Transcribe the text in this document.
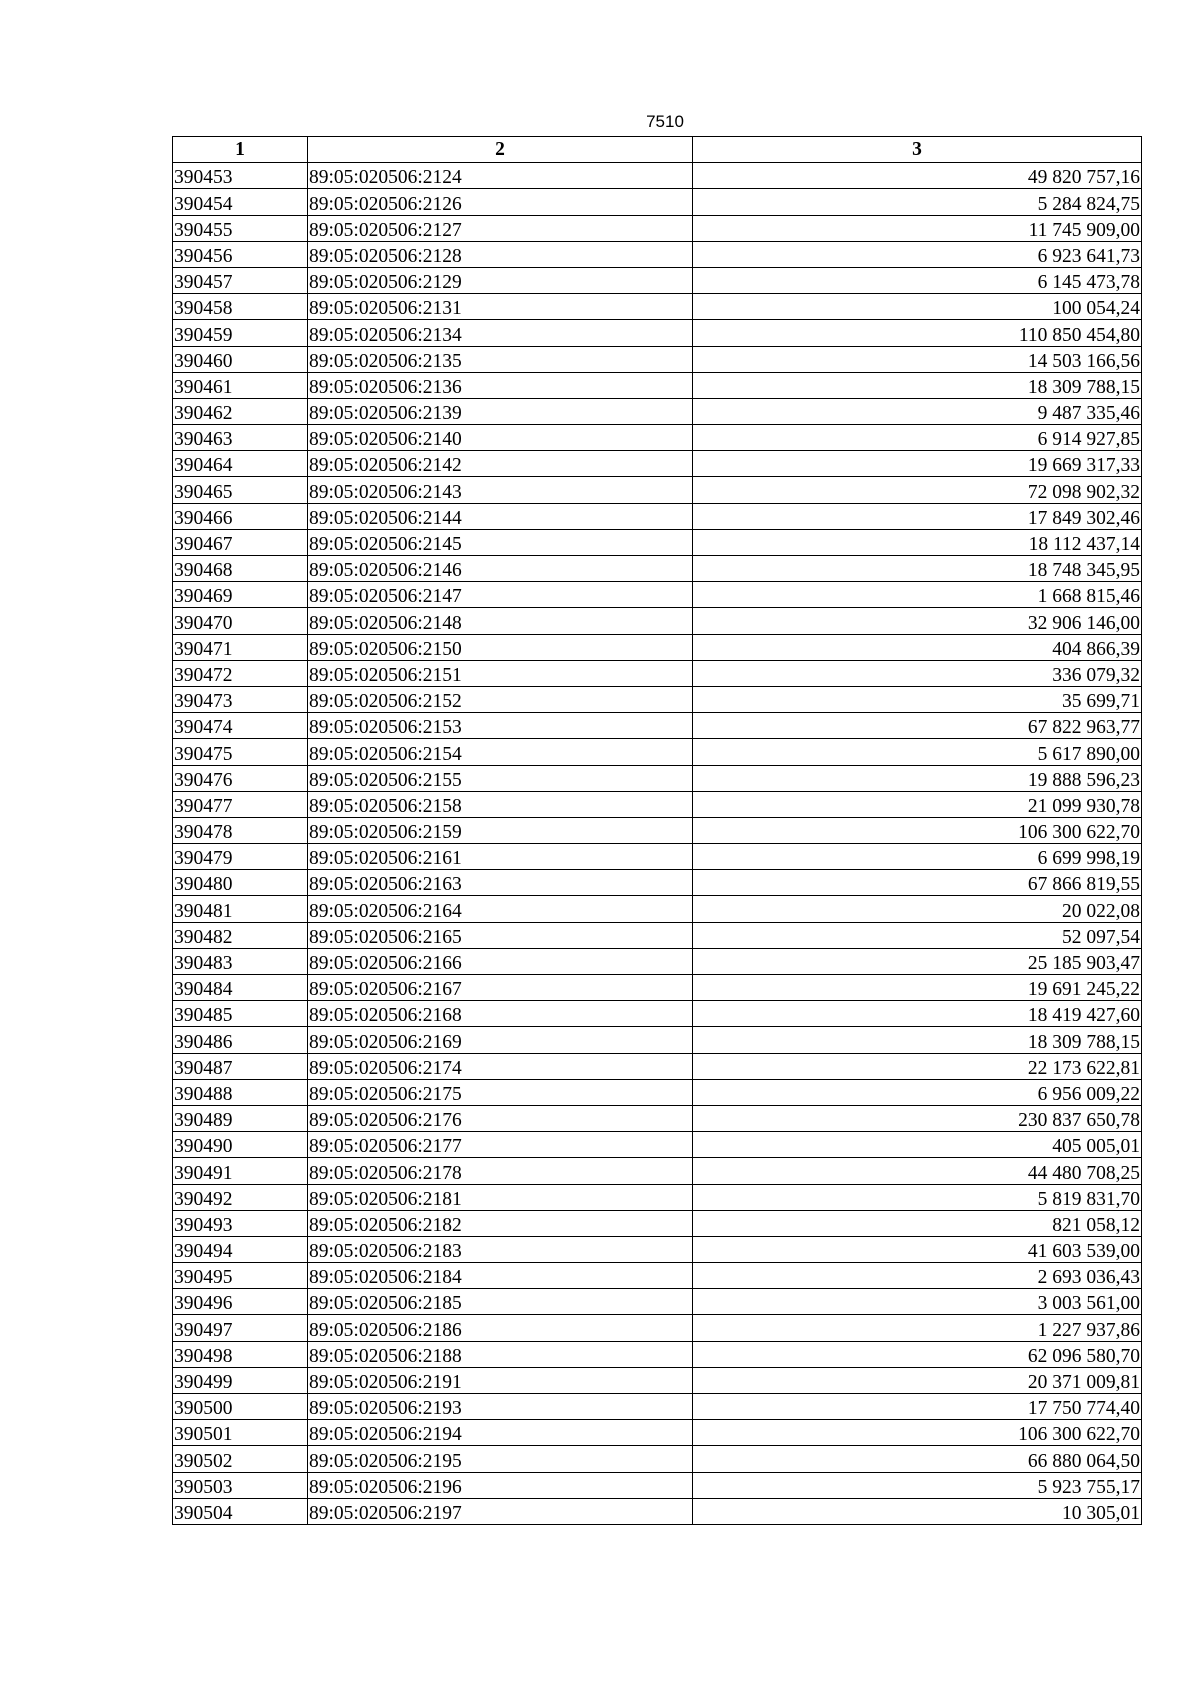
7510
1	2	3
390453	89:05:020506:2124	49 820 757,16
390454	89:05:020506:2126	5 284 824,75
390455	89:05:020506:2127	11 745 909,00
390456	89:05:020506:2128	6 923 641,73
390457	89:05:020506:2129	6 145 473,78
390458	89:05:020506:2131	100 054,24
390459	89:05:020506:2134	110 850 454,80
390460	89:05:020506:2135	14 503 166,56
390461	89:05:020506:2136	18 309 788,15
390462	89:05:020506:2139	9 487 335,46
390463	89:05:020506:2140	6 914 927,85
390464	89:05:020506:2142	19 669 317,33
390465	89:05:020506:2143	72 098 902,32
390466	89:05:020506:2144	17 849 302,46
390467	89:05:020506:2145	18 112 437,14
390468	89:05:020506:2146	18 748 345,95
390469	89:05:020506:2147	1 668 815,46
390470	89:05:020506:2148	32 906 146,00
390471	89:05:020506:2150	404 866,39
390472	89:05:020506:2151	336 079,32
390473	89:05:020506:2152	35 699,71
390474	89:05:020506:2153	67 822 963,77
390475	89:05:020506:2154	5 617 890,00
390476	89:05:020506:2155	19 888 596,23
390477	89:05:020506:2158	21 099 930,78
390478	89:05:020506:2159	106 300 622,70
390479	89:05:020506:2161	6 699 998,19
390480	89:05:020506:2163	67 866 819,55
390481	89:05:020506:2164	20 022,08
390482	89:05:020506:2165	52 097,54
390483	89:05:020506:2166	25 185 903,47
390484	89:05:020506:2167	19 691 245,22
390485	89:05:020506:2168	18 419 427,60
390486	89:05:020506:2169	18 309 788,15
390487	89:05:020506:2174	22 173 622,81
390488	89:05:020506:2175	6 956 009,22
390489	89:05:020506:2176	230 837 650,78
390490	89:05:020506:2177	405 005,01
390491	89:05:020506:2178	44 480 708,25
390492	89:05:020506:2181	5 819 831,70
390493	89:05:020506:2182	821 058,12
390494	89:05:020506:2183	41 603 539,00
390495	89:05:020506:2184	2 693 036,43
390496	89:05:020506:2185	3 003 561,00
390497	89:05:020506:2186	1 227 937,86
390498	89:05:020506:2188	62 096 580,70
390499	89:05:020506:2191	20 371 009,81
390500	89:05:020506:2193	17 750 774,40
390501	89:05:020506:2194	106 300 622,70
390502	89:05:020506:2195	66 880 064,50
390503	89:05:020506:2196	5 923 755,17
390504	89:05:020506:2197	10 305,01
